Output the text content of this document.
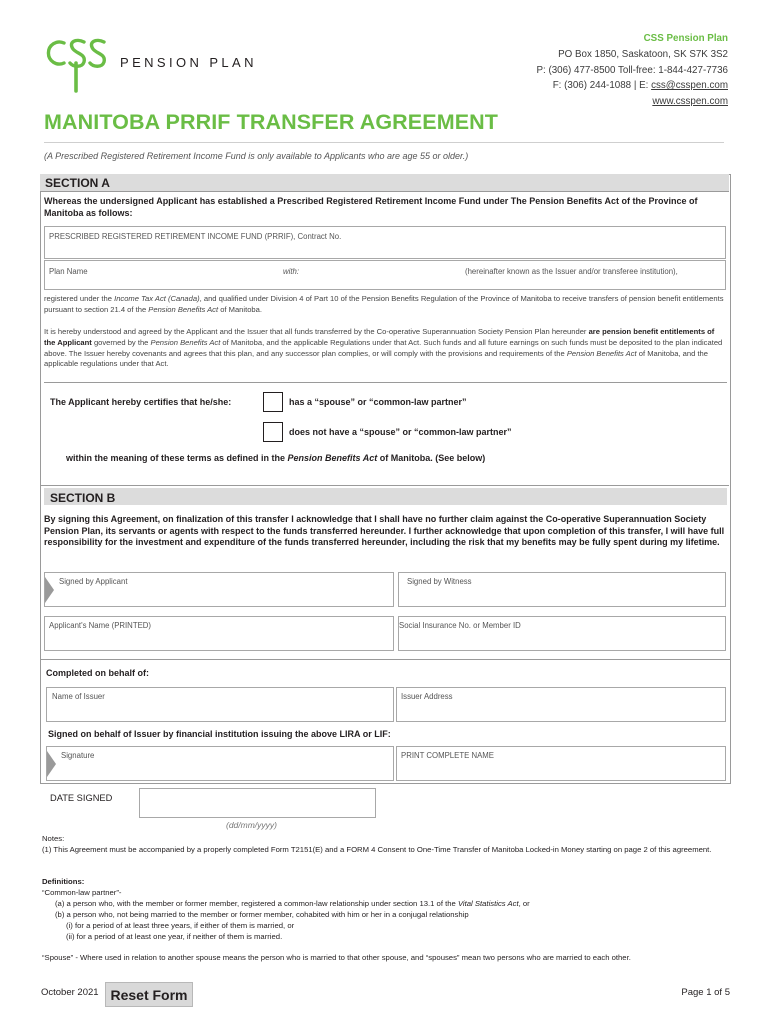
PENSION PLAN
CSS Pension Plan
PO Box 1850, Saskatoon, SK S7K 3S2
P: (306) 477-8500 Toll-free: 1-844-427-7736
F: (306) 244-1088 | E: css@csspen.com
www.csspen.com
MANITOBA PRRIF TRANSFER AGREEMENT
(A Prescribed Registered Retirement Income Fund is only available to Applicants who are age 55 or older.)
SECTION A
Whereas the undersigned Applicant has established a Prescribed Registered Retirement Income Fund under The Pension Benefits Act of the Province of Manitoba as follows:
PRESCRIBED REGISTERED RETIREMENT INCOME FUND (PRRIF), Contract No.
Plan Name	with:	(hereinafter known as the Issuer and/or transferee institution),
registered under the Income Tax Act (Canada), and qualified under Division 4 of Part 10 of the Pension Benefits Regulation of the Province of Manitoba to receive transfers of pension benefit entitlements pursuant to section 21.4 of the Pension Benefits Act of Manitoba.
It is hereby understood and agreed by the Applicant and the Issuer that all funds transferred by the Co-operative Superannuation Society Pension Plan hereunder are pension benefit entitlements of the Applicant governed by the Pension Benefits Act of Manitoba, and the applicable Regulations under that Act. Such funds and all future earnings on such funds must be deposited to the plan indicated above. The Issuer hereby covenants and agrees that this plan, and any successor plan complies, or will comply with the provisions and requirements of the Pension Benefits Act of Manitoba, and the applicable regulations under that Act.
The Applicant hereby certifies that he/she:	has a “spouse” or “common-law partner”
does not have a “spouse” or “common-law partner”
within the meaning of these terms as defined in the Pension Benefits Act of Manitoba. (See below)
SECTION B
By signing this Agreement, on finalization of this transfer I acknowledge that I shall have no further claim against the Co-operative Superannuation Society Pension Plan, its servants or agents with respect to the funds transferred hereunder. I further acknowledge that upon completion of this transfer, I will have full responsibility for the investment and expenditure of the funds transferred hereunder, including the risk that my benefits may be fully spent during my lifetime.
Signed by Applicant	Signed by Witness
Applicant's Name (PRINTED)	Social Insurance No. or Member ID
Completed on behalf of:
Name of Issuer	Issuer Address
Signed on behalf of Issuer by financial institution issuing the above LIRA or LIF:
Signature	PRINT COMPLETE NAME
DATE SIGNED
(dd/mm/yyyy)
Notes:
(1) This Agreement must be accompanied by a properly completed Form T2151(E) and a FORM 4 Consent to One-Time Transfer of Manitoba Locked-in Money starting on page 2 of this agreement.
Definitions:
“Common-law partner”-
(a) a person who, with the member or former member, registered a common-law relationship under section 13.1 of the Vital Statistics Act, or
(b) a person who, not being married to the member or former member, cohabited with him or her in a conjugal relationship
(i) for a period of at least three years, if either of them is married, or
(ii) for a period of at least one year, if neither of them is married.
“Spouse” - Where used in relation to another spouse means the person who is married to that other spouse, and “spouses” mean two persons who are married to each other.
October 2021 Reset Form	Page 1 of 5
